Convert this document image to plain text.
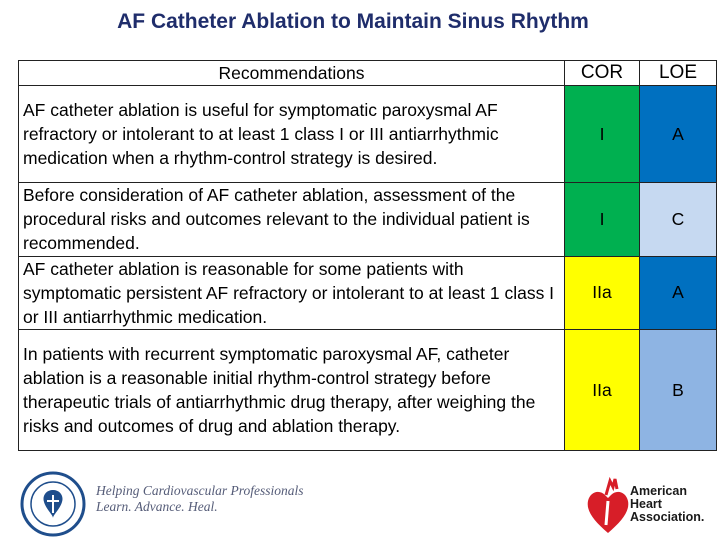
AF Catheter Ablation to Maintain Sinus Rhythm
Recommendations	COR	LOE
AF catheter ablation is useful for symptomatic paroxysmal AF refractory or intolerant to at least 1 class I or III antiarrhythmic medication when a rhythm-control strategy is desired.	I	A
Before consideration of AF catheter ablation, assessment of the procedural risks and outcomes relevant to the individual patient is recommended.	I	C
AF catheter ablation is reasonable for some patients with symptomatic persistent AF refractory or intolerant to at least 1 class I or III antiarrhythmic medication.	IIa	A
In patients with recurrent symptomatic paroxysmal AF, catheter ablation is a reasonable initial rhythm-control strategy before therapeutic trials of antiarrhythmic drug therapy, after weighing the risks and outcomes of drug and ablation therapy.	IIa	B
Helping Cardiovascular Professionals
Learn. Advance. Heal.
American
Heart
Association.
